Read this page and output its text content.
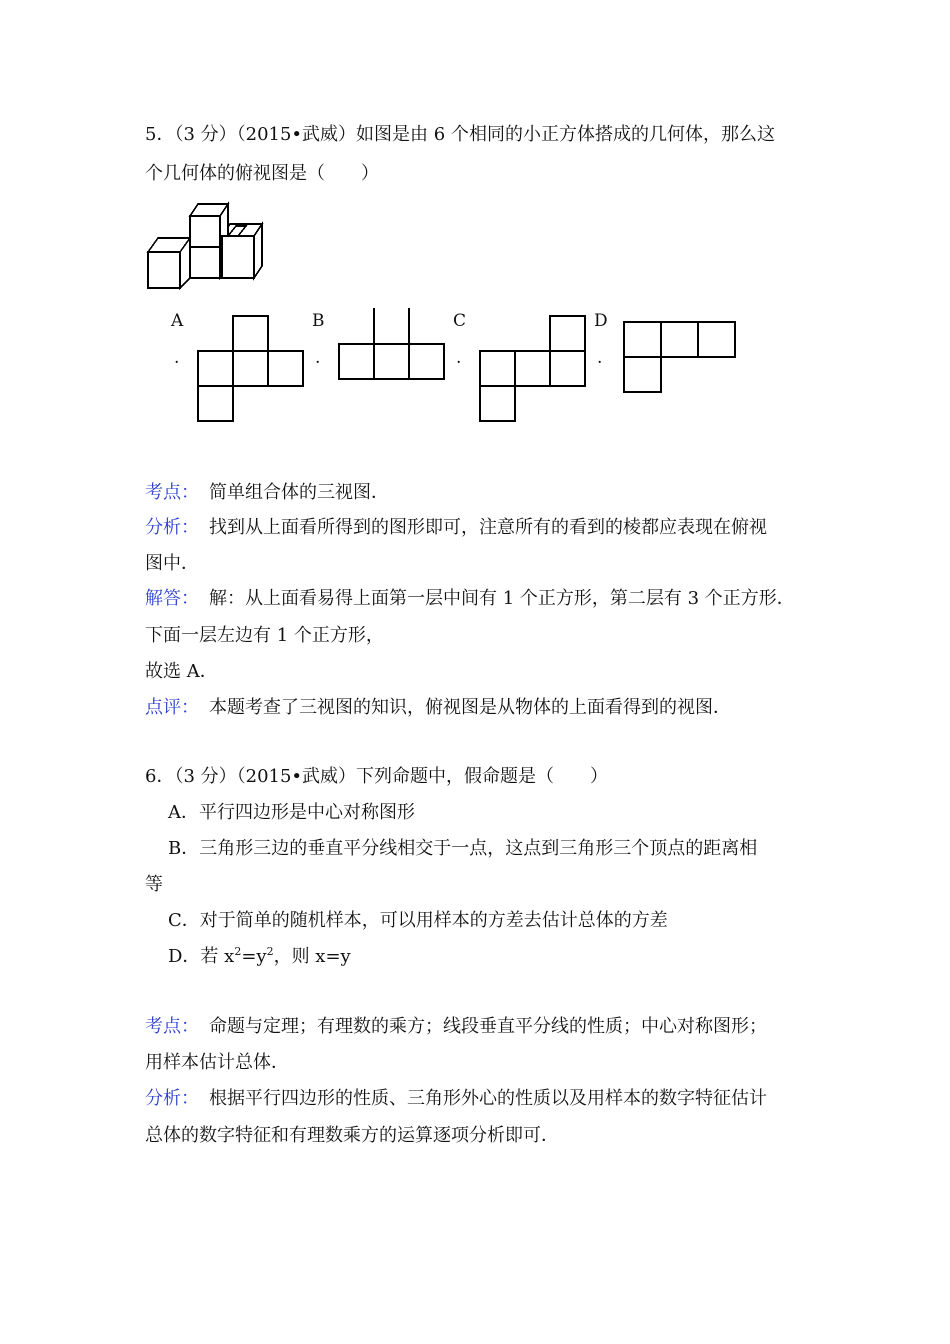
5．（3 分）（2015•武威）如图是由 6 个相同的小正方体搭成的几何体，那么这
个几何体的俯视图是（　　）
A	B	C	D
.	.	.	.
考点： 简单组合体的三视图．
分析： 找到从上面看所得到的图形即可，注意所有的看到的棱都应表现在俯视
图中．
解答： 解：从上面看易得上面第一层中间有 1 个正方形，第二层有 3 个正方形．
下面一层左边有 1 个正方形，
故选 A．
点评： 本题考查了三视图的知识，俯视图是从物体的上面看得到的视图．
6．（3 分）（2015•武威）下列命题中，假命题是（　　）
A．平行四边形是中心对称图形
B．三角形三边的垂直平分线相交于一点，这点到三角形三个顶点的距离相
等
C．对于简单的随机样本，可以用样本的方差去估计总体的方差
D．若 $x^2=y^2$，则 x=y
考点： 命题与定理；有理数的乘方；线段垂直平分线的性质；中心对称图形；
用样本估计总体．
分析： 根据平行四边形的性质、三角形外心的性质以及用样本的数字特征估计
总体的数字特征和有理数乘方的运算逐项分析即可．
